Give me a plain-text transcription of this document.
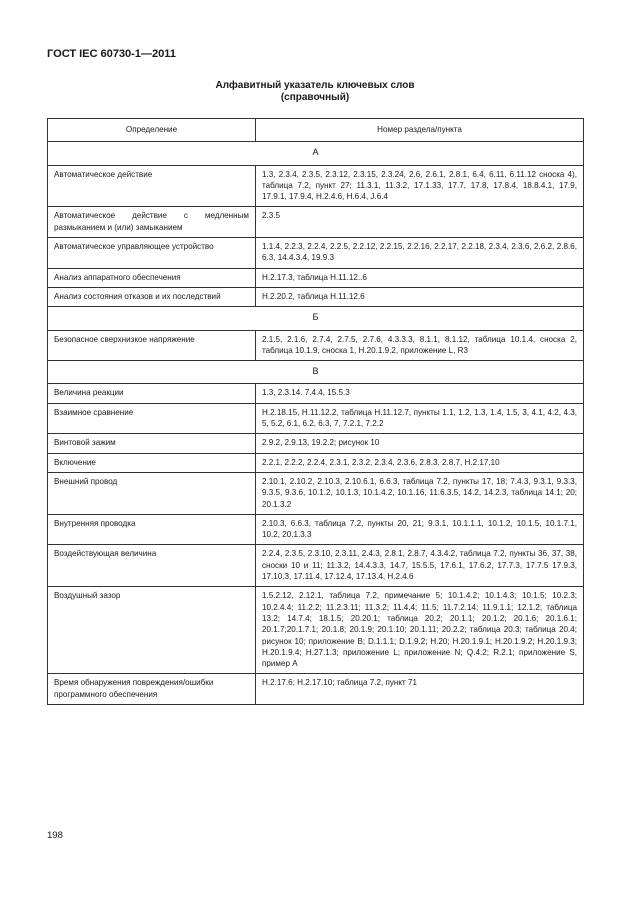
ГОСТ IEC 60730-1—2011
Алфавитный указатель ключевых слов
(справочный)
Определение	Номер раздела/пункта
А	
Автоматическое действие	1.3, 2.3.4, 2.3.5, 2.3.12, 2.3.15, 2.3.24, 2.6, 2.6.1, 2.8.1, 6.4, 6.11, 6.11.12 сноска 4), таблица 7.2, пункт 27; 11.3.1, 11.3.2, 17.1.33, 17.7, 17.8, 17.8.4, 18.8.4.1, 17.9, 17.9.1, 17.9.4, Н.2.4.6, Н.6.4, J.6.4
Автоматическое действие с медленным размыканием и (или) замыканием	2.3.5
Автоматическое управляющее устройство	1.1.4, 2.2.3, 2.2.4, 2.2.5, 2.2.12, 2.2.15, 2.2.16, 2.2.17, 2.2.18, 2.3.4, 2.3.6, 2.6.2, 2.8.6, 6.3, 14.4.3.4, 19.9.3
Анализ аппаратного обеспечения	Н.2.17.3, таблица Н.11.12..6
Анализ состояния отказов и их последствий	Н.2.20.2, таблица Н.11.12.6
Б	
Безопасное сверхнизкое напряжение	2.1.5, 2.1.6, 2.7.4, 2.7.5, 2.7.6, 4.3.3.3, 8.1.1, 8.1.12, таблица 10.1.4, сноска 2, таблица 10.1.9, сноска 1, Н.20.1.9.2, приложение L, R3
В	
Величина реакции	1.3, 2.3.14. 7.4.4, 15.5.3
Взаимное сравнение	Н.2.18.15, Н.11.12.2, таблица Н.11.12.7, пункты 1.1, 1.2, 1.3, 1.4, 1.5, 3, 4.1, 4.2, 4.3, 5, 5.2, 6.1, 6.2, 6.3, 7, 7.2.1, 7.2.2
Винтовой зажим	2.9.2, 2.9.13, 19.2.2; рисунок 10
Включение	2.2.1, 2.2.2, 2.2.4, 2.3.1, 2.3.2, 2.3.4, 2.3.6, 2.8.3. 2.8.7, Н.2.17.10
Внешний провод	2.10.1, 2.10.2, 2.10.3, 2.10.6.1, 6.6.3, таблица 7.2, пункты 17, 18; 7.4.3, 9.3.1, 9.3.3, 9.3.5, 9.3.6, 10.1.2, 10.1.3, 10.1.4.2, 10.1.16, 11.6.3.5, 14.2, 14.2.3, таблица 14.1; 20; 20.1.3.2
Внутренняя проводка	2.10.3, 6.6.3, таблица 7.2, пункты 20, 21; 9.3.1, 10.1.1.1, 10.1.2, 10.1.5, 10.1.7.1, 10.2, 20.1.3.3
Воздействующая величина	2.2.4, 2.3.5, 2.3.10, 2.3.11, 2.4.3, 2.8.1, 2.8.7, 4.3.4.2, таблица 7.2, пункты 36, 37, 38, сноски 10 и 11; 11.3.2, 14.4.3.3, 14.7, 15.5.5, 17.6.1, 17.6.2, 17.7.3, 17.7.5 17.9.3, 17.10.3, 17.11.4, 17.12.4, 17.13.4, Н.2.4.6
Воздушный зазор	1.5.2.12, 2.12.1, таблица 7.2, примечание 5; 10.1.4.2; 10.1.4.3; 10.1.5; 10.2.3; 10.2.4.4; 11.2.2; 11.2.3.11; 11.3.2; 11.4.4; 11.5; 11.7.2.14; 11.9.1.1; 12.1.2; таблица 13.2; 14.7.4; 18.1.5; 20.20.1; таблица 20.2; 20.1.1; 20.1.2; 20.1.6; 20.1.6.1; 20.1.7;20.1.7.1; 20.1.8; 20.1.9; 20.1.10; 20.1.11; 20.2.2; таблица 20.3; таблица 20.4; рисунок 10; приложение В; D.1.1.1; D.1.9.2; Н.20; Н.20.1.9.1; Н.20.1.9.2; Н.20.1.9.3; Н.20.1.9.4; Н.27.1.3; приложение L; приложение N; Q.4.2; R.2.1; приложение S, пример А
Время обнаружения повреждения/ошибки программного обеспечения	Н.2.17.6; Н.2.17.10; таблица 7.2, пункт 71
198
